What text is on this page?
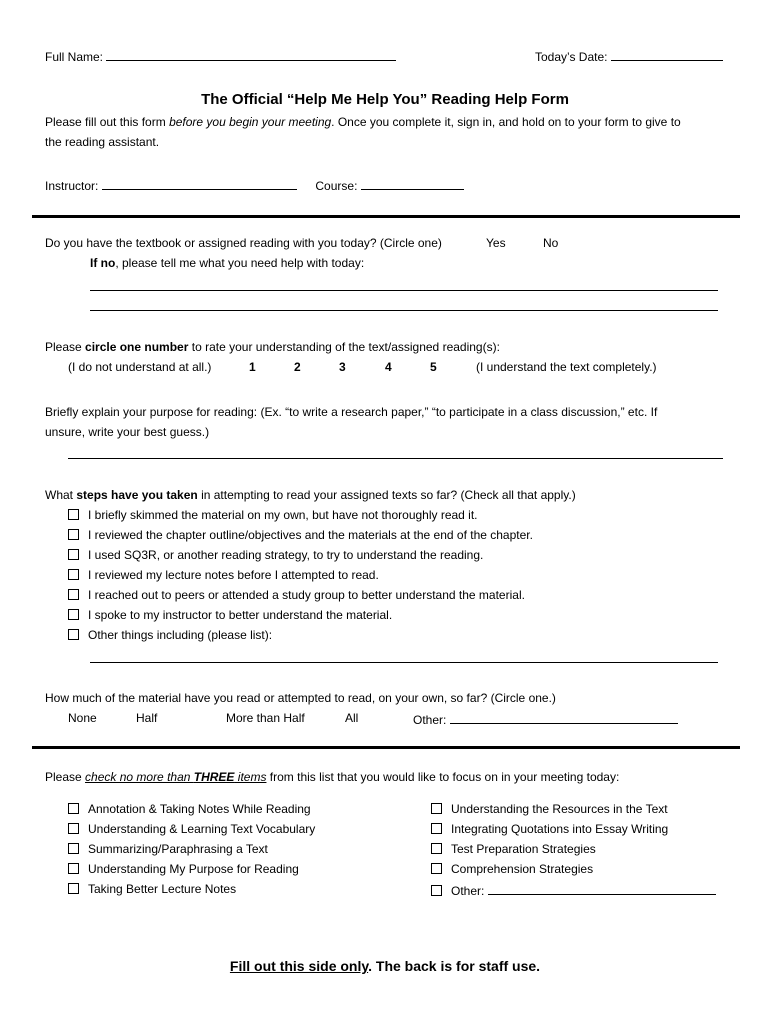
Full Name:	Today’s Date:
The Official “Help Me Help You” Reading Help Form
Please fill out this form before you begin your meeting. Once you complete it, sign in, and hold on to your form to give to
the reading assistant.
Instructor:	Course:
Do you have the textbook or assigned reading with you today? (Circle one)	Yes	No
If no, please tell me what you need help with today:
Please circle one number to rate your understanding of the text/assigned reading(s):
(I do not understand at all.)	1	2	3	4	5	(I understand the text completely.)
Briefly explain your purpose for reading: (Ex. “to write a research paper,” “to participate in a class discussion,” etc. If
unsure, write your best guess.)
What steps have you taken in attempting to read your assigned texts so far? (Check all that apply.)
I briefly skimmed the material on my own, but have not thoroughly read it.
I reviewed the chapter outline/objectives and the materials at the end of the chapter.
I used SQ3R, or another reading strategy, to try to understand the reading.
I reviewed my lecture notes before I attempted to read.
I reached out to peers or attended a study group to better understand the material.
I spoke to my instructor to better understand the material.
Other things including (please list):
How much of the material have you read or attempted to read, on your own, so far? (Circle one.)
None	Half	More than Half	All	Other:
Please check no more than THREE items from this list that you would like to focus on in your meeting today:
Annotation & Taking Notes While Reading
Understanding & Learning Text Vocabulary
Summarizing/Paraphrasing a Text
Understanding My Purpose for Reading
Taking Better Lecture Notes
Understanding the Resources in the Text
Integrating Quotations into Essay Writing
Test Preparation Strategies
Comprehension Strategies
Other:
Fill out this side only. The back is for staff use.
